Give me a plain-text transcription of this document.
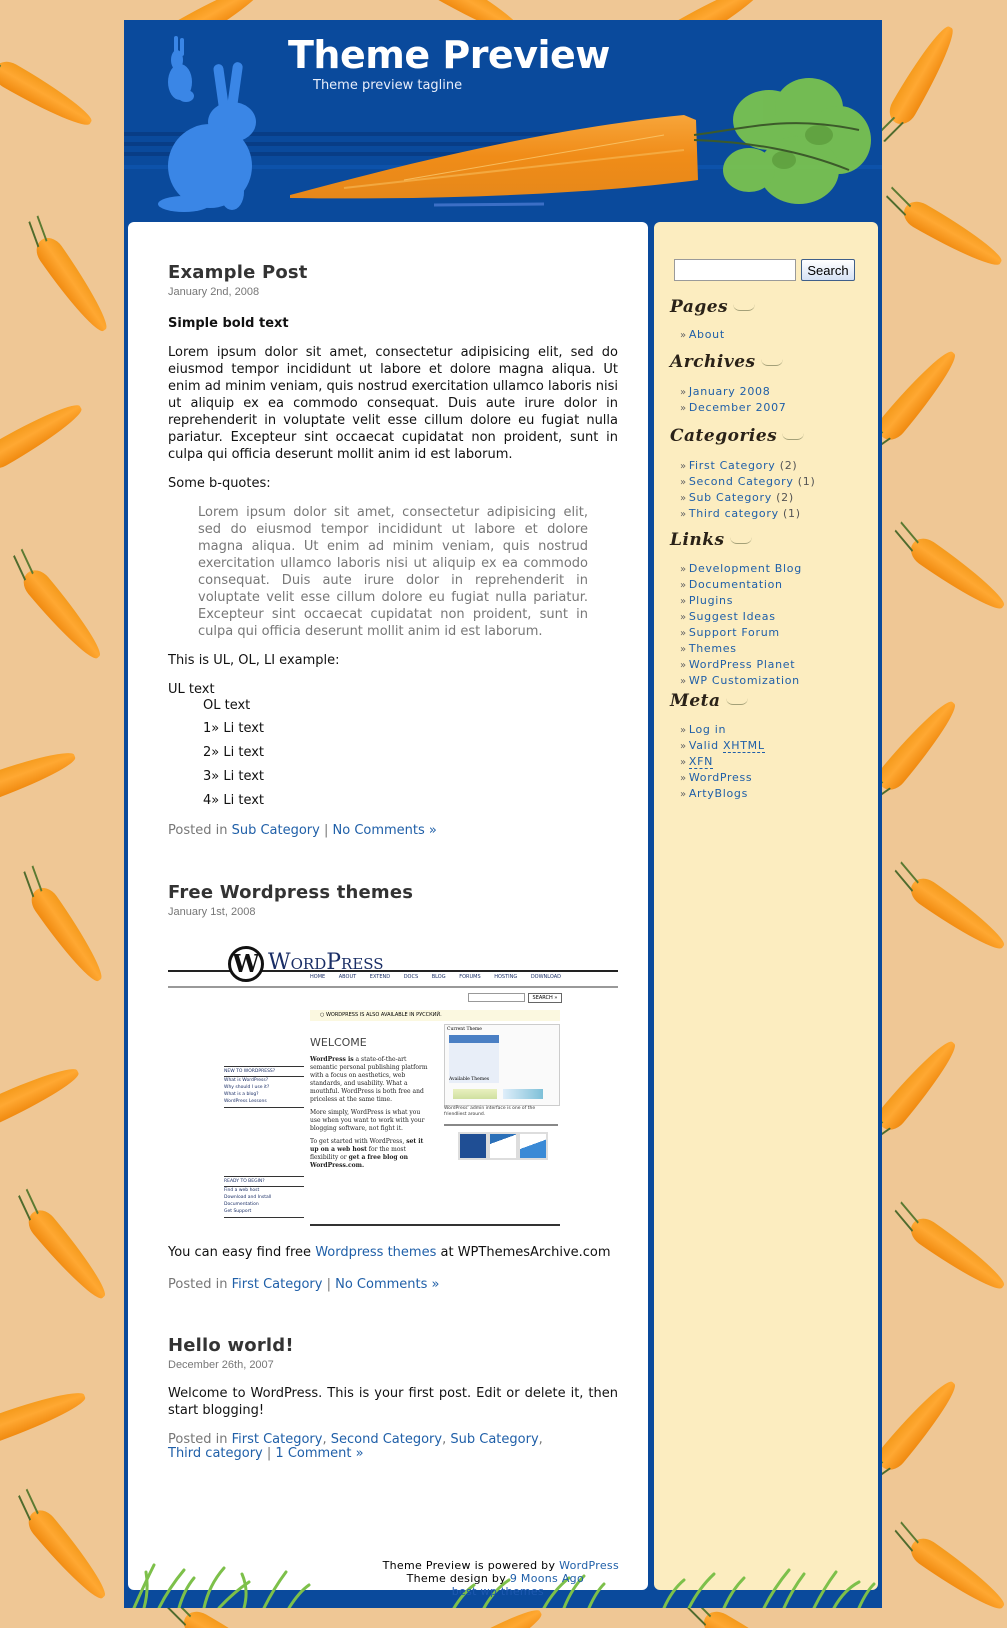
Theme Preview
Theme preview tagline
Example Post
January 2nd, 2008

Simple bold text

Lorem ipsum dolor sit amet, consectetur adipisicing elit, sed do eiusmod tempor incididunt ut labore et dolore magna aliqua. Ut enim ad minim veniam, quis nostrud exercitation ullamco laboris nisi ut aliquip ex ea commodo consequat. Duis aute irure dolor in reprehenderit in voluptate velit esse cillum dolore eu fugiat nulla pariatur. Excepteur sint occaecat cupidatat non proident, sunt in culpa qui officia deserunt mollit anim id est laborum.

Some b-quotes:

Lorem ipsum dolor sit amet, consectetur adipisicing elit, sed do eiusmod tempor incididunt ut labore et dolore magna aliqua. Ut enim ad minim veniam, quis nostrud exercitation ullamco laboris nisi ut aliquip ex ea commodo consequat. Duis aute irure dolor in reprehenderit in voluptate velit esse cillum dolore eu fugiat nulla pariatur. Excepteur sint occaecat cupidatat non proident, sunt in culpa qui officia deserunt mollit anim id est laborum.

This is UL, OL, LI example:

UL text
OL text
1» Li text
2» Li text
3» Li text
4» Li text
Posted in Sub Category | No Comments »
Free Wordpress themes
January 1st, 2008
W WordPress
HOME	ABOUT	EXTEND	DOCS	BLOG	FORUMS	HOSTING	DOWNLOAD
SEARCH »
○ WORDPRESS IS ALSO AVAILABLE IN РУССКИЙ.
WELCOME
WordPress is a state-of-the-art semantic personal publishing platform with a focus on aesthetics, web standards, and usability. What a mouthful. WordPress is both free and priceless at the same time.
More simply, WordPress is what you use when you want to work with your blogging software, not fight it.
To get started with WordPress, set it up on a web host for the most flexibility or get a free blog on WordPress.com.
NEW TO WORDPRESS?
What is WordPress?
Why should I use it?
What is a blog?
WordPress Lessons
READY TO BEGIN?
Find a web host
Download and Install
Documentation
Get Support
Current Theme
Available Themes
WordPress' admin interface is one of the friendliest around.

You can easy find free Wordpress themes at WPThemesArchive.com

Posted in First Category | No Comments »
Hello world!
December 26th, 2007

Welcome to WordPress. This is your first post. Edit or delete it, then start blogging!

Posted in First Category, Second Category, Sub Category, Third category | 1 Comment »
Search
Pages
» About
Archives
» January 2008
» December 2007
Categories
» First Category (2)
» Second Category (1)
» Sub Category (2)
» Third category (1)
Links
» Development Blog
» Documentation
» Plugins
» Suggest Ideas
» Support Forum
» Themes
» WordPress Planet
» WP Customization
Meta
» Log in
» Valid XHTML
» XFN
» WordPress
» ArtyBlogs
Theme Preview is powered by WordPress
Theme design by 9 Moons Ago
best wp themes
